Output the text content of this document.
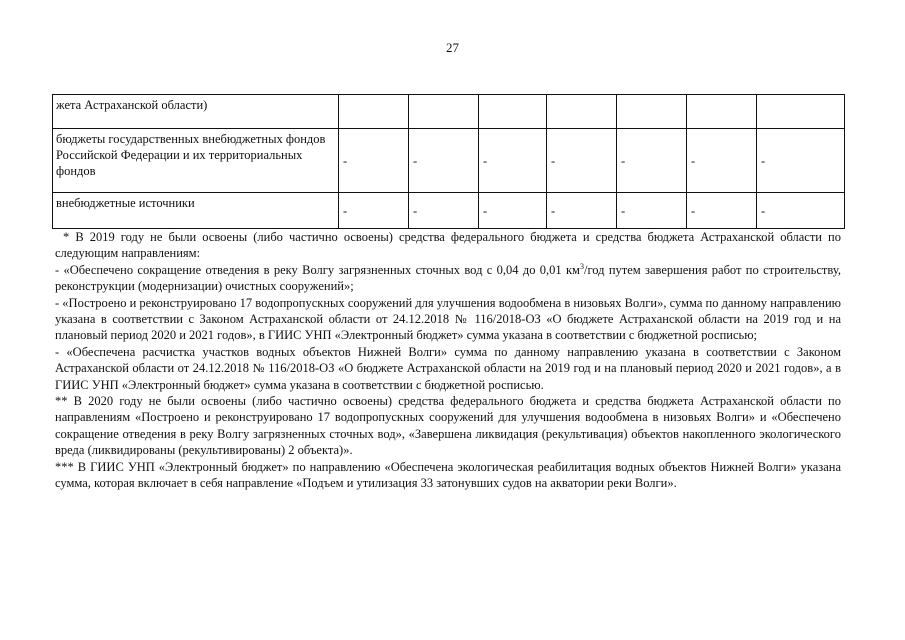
27
жета Астраханской области)							
бюджеты государственных внебюджетных фондов Российской Федерации и их территориальных фондов	-	-	-	-	-	-	-
внебюджетные источники	-	-	-	-	-	-	-

* В 2019 году не были освоены (либо частично освоены) средства федерального бюджета и средства бюджета Астраханской области по следующим направлениям:

- «Обеспечено сокращение отведения в реку Волгу загрязненных сточных вод с 0,04 до 0,01 $км^3$/год путем завершения работ по строительству, реконструкции (модернизации) очистных сооружений»;

- «Построено и реконструировано 17 водопропускных сооружений для улучшения водообмена в низовьях Волги», сумма по данному направлению указана в соответствии с Законом Астраханской области от 24.12.2018 № 116/2018-ОЗ «О бюджете Астраханской области на 2019 год и на плановый период 2020 и 2021 годов», в ГИИС УНП «Электронный бюджет» сумма указана в соответствии с бюджетной росписью;

- «Обеспечена расчистка участков водных объектов Нижней Волги» сумма по данному направлению указана в соответствии с Законом Астраханской области от 24.12.2018 № 116/2018-ОЗ «О бюджете Астраханской области на 2019 год и на плановый период 2020 и 2021 годов», а в ГИИС УНП «Электронный бюджет» сумма указана в соответствии с бюджетной росписью.

** В 2020 году не были освоены (либо частично освоены) средства федерального бюджета и средства бюджета Астраханской области по направлениям «Построено и реконструировано 17 водопропускных сооружений для улучшения водообмена в низовьях Волги» и «Обеспечено сокращение отведения в реку Волгу загрязненных сточных вод», «Завершена ликвидация (рекультивация) объектов накопленного экологического вреда (ликвидированы (рекультивированы) 2 объекта)».

*** В ГИИС УНП «Электронный бюджет» по направлению «Обеспечена экологическая реабилитация водных объектов Нижней Волги» указана сумма, которая включает в себя направление «Подъем и утилизация 33 затонувших судов на акватории реки Волги».
